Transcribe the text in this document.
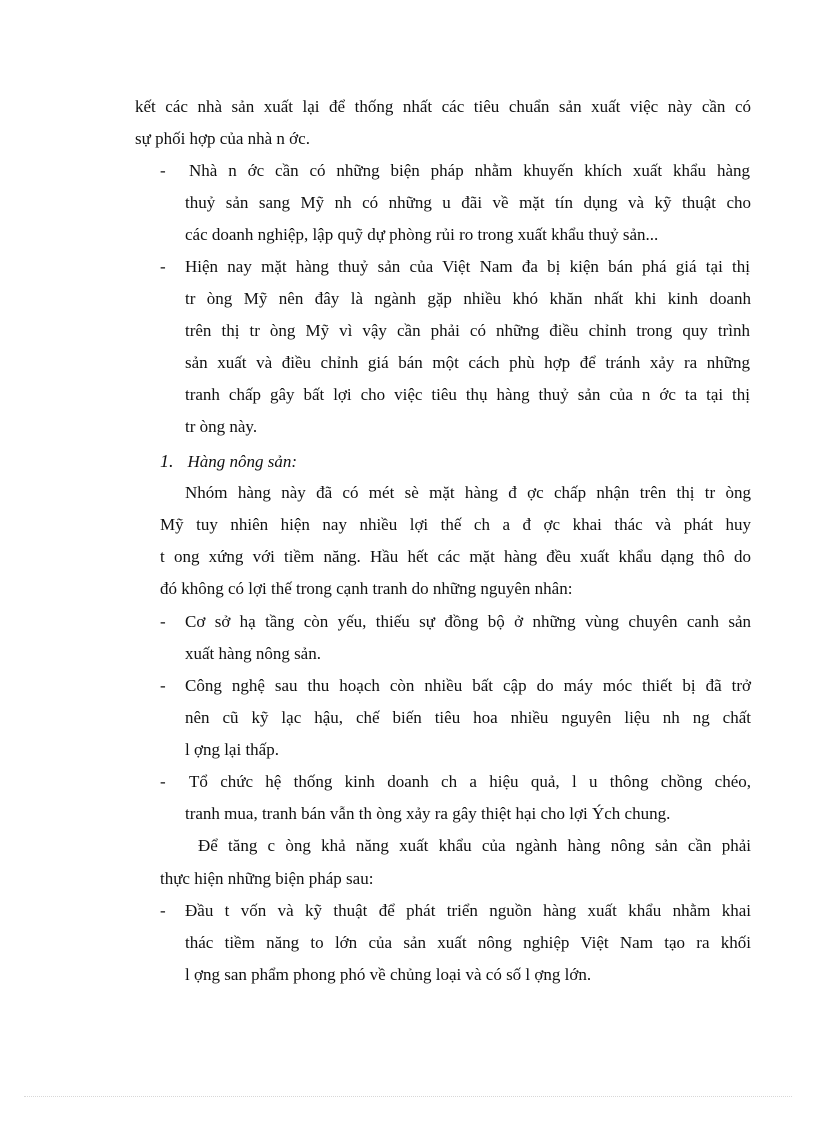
kết các nhà sản xuất lại để thống nhất các tiêu chuẩn sản xuất việc này cần có
sự phối hợp của nhà n ớc.
- Nhà n ớc cần có những biện pháp nhằm khuyến khích xuất khẩu hàng
thuỷ sản sang Mỹ nh có những u đãi về mặt tín dụng và kỹ thuật cho
các doanh nghiệp, lập quỹ dự phòng rủi ro trong xuất khẩu thuỷ sản...
- Hiện nay mặt hàng thuỷ sản của Việt Nam đa bị kiện bán phá giá tại thị
tr òng Mỹ nên đây là ngành gặp nhiều khó khăn nhất khi kinh doanh
trên thị tr òng Mỹ vì vậy cần phải có những điều chỉnh trong quy trình
sản xuất và điều chỉnh giá bán một cách phù hợp để tránh xảy ra những
tranh chấp gây bất lợi cho việc tiêu thụ hàng thuỷ sản của n ớc ta tại thị
tr òng này.
1. Hàng nông sản:
Nhóm hàng này đã có mét sè mặt hàng đ ợc chấp nhận trên thị tr òng
Mỹ tuy nhiên hiện nay nhiều lợi thế ch a đ ợc khai thác và phát huy
t ong xứng với tiềm năng. Hầu hết các mặt hàng đều xuất khẩu dạng thô do
đó không có lợi thế trong cạnh tranh do những nguyên nhân:
- Cơ sở hạ tầng còn yếu, thiếu sự đồng bộ ở những vùng chuyên canh sản
xuất hàng nông sản.
- Công nghệ sau thu hoạch còn nhiều bất cập do máy móc thiết bị đã trở
nên cũ kỹ lạc hậu, chế biến tiêu hoa nhiều nguyên liệu nh ng chất
l ợng lại thấp.
- Tổ chức hệ thống kinh doanh ch a hiệu quả, l u thông chồng chéo,
tranh mua, tranh bán vẫn th òng xảy ra gây thiệt hại cho lợi Ých chung.
Để tăng c òng khả năng xuất khẩu của ngành hàng nông sản cần phải
thực hiện những biện pháp sau:
- Đầu t vốn và kỹ thuật để phát triển nguồn hàng xuất khẩu nhằm khai
thác tiềm năng to lớn của sản xuất nông nghiệp Việt Nam tạo ra khối
l ợng san phẩm phong phó về chủng loại và có số l ợng lớn.
